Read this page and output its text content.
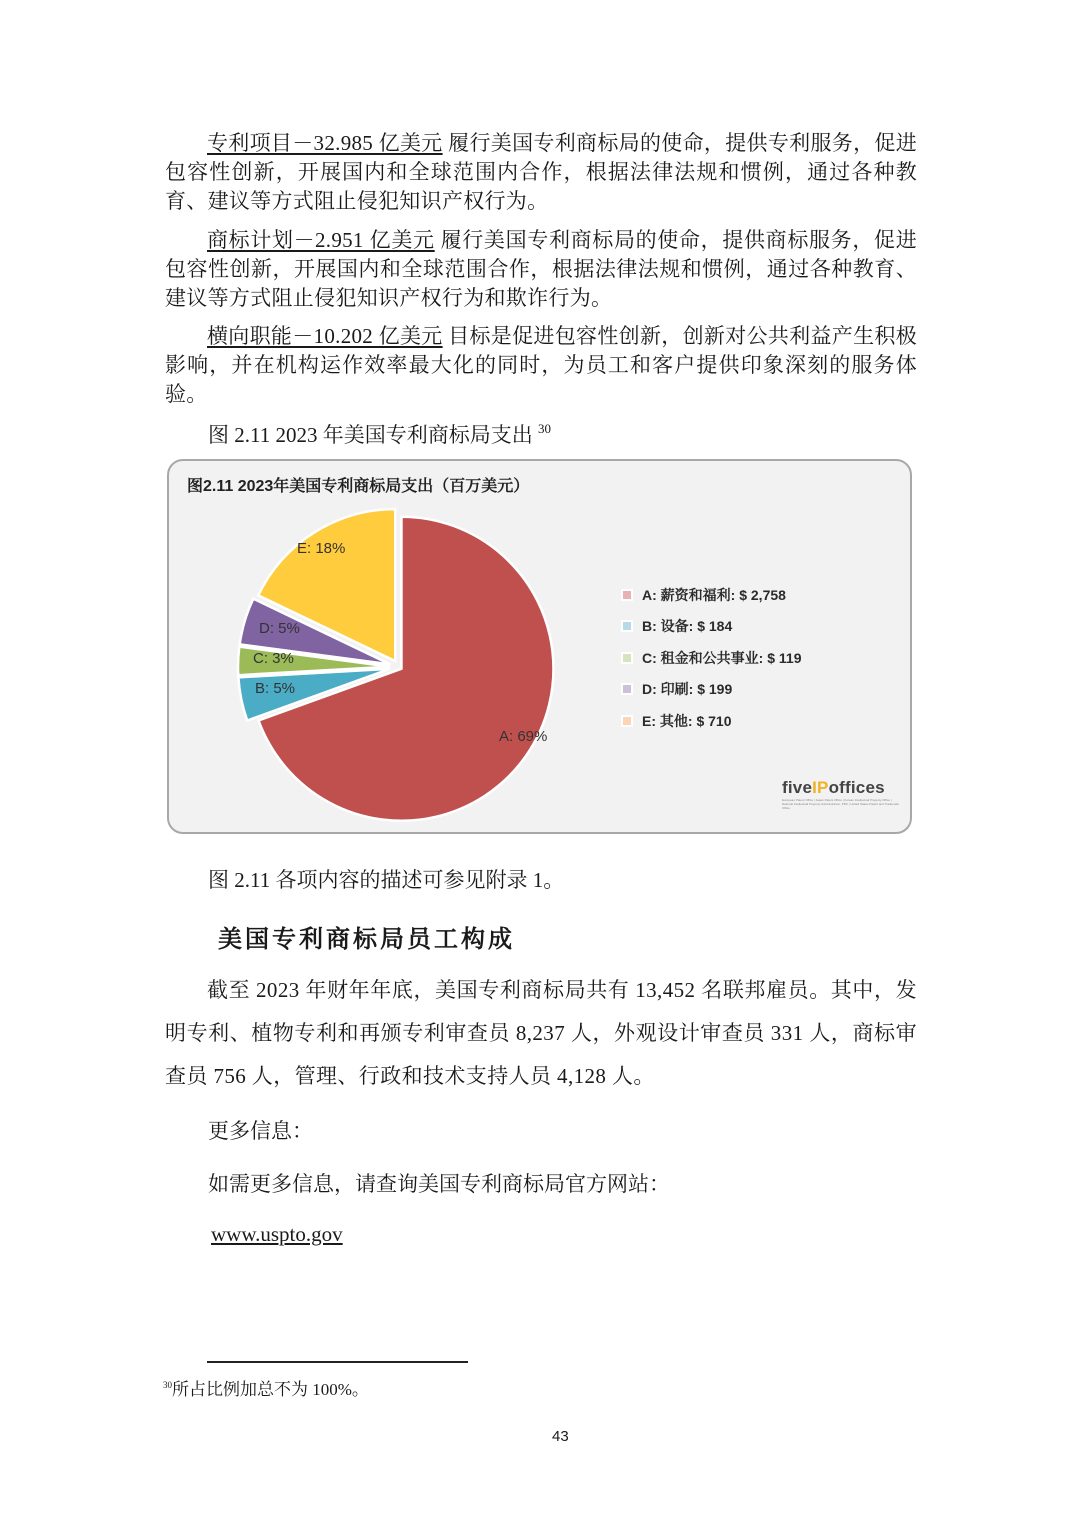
专利项目－32.985 亿美元 履行美国专利商标局的使命，提供专利服务，促进包容性创新，开展国内和全球范围内合作，根据法律法规和惯例，通过各种教育、建议等方式阻止侵犯知识产权行为。
商标计划－2.951 亿美元 履行美国专利商标局的使命，提供商标服务，促进包容性创新，开展国内和全球范围合作，根据法律法规和惯例，通过各种教育、建议等方式阻止侵犯知识产权行为和欺诈行为。
横向职能－10.202 亿美元 目标是促进包容性创新，创新对公共利益产生积极影响，并在机构运作效率最大化的同时，为员工和客户提供印象深刻的服务体验。
图 2.11 2023 年美国专利商标局支出 $^{30}$
图2.11 2023年美国专利商标局支出（百万美元）
A: 69%
B: 5%
C: 3%
D: 5%
E: 18%
A: 薪资和福利: $ 2,758
B: 设备: $ 184
C: 租金和公共事业: $ 119
D: 印刷: $ 199
E: 其他: $ 710
fiveIPoffices
European Patent Office | Japan Patent Office | Korean Intellectual Property Office | National Intellectual Property Administration, PRC | United States Patent and Trademark Office
图 2.11 各项内容的描述可参见附录 1。
美国专利商标局员工构成
截至 2023 年财年年底，美国专利商标局共有 13,452 名联邦雇员。其中，发明专利、植物专利和再颁专利审查员 8,237 人，外观设计审查员 331 人，商标审查员 756 人，管理、行政和技术支持人员 4,128 人。
更多信息：
如需更多信息，请查询美国专利商标局官方网站：
www.uspto.gov
$^{30}$所占比例加总不为 100%。
43
